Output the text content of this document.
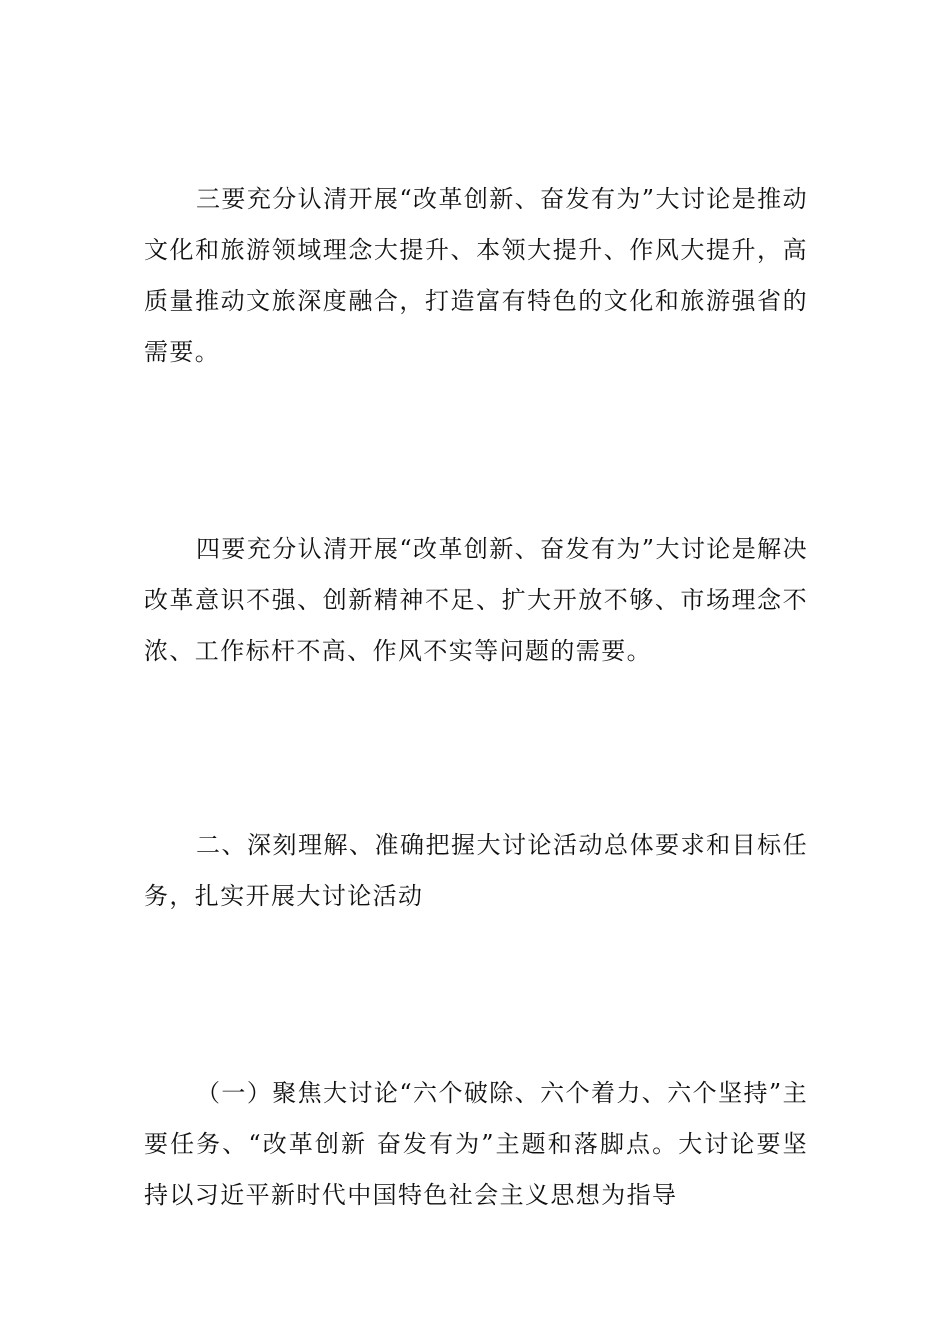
三要充分认清开展“改革创新、奋发有为”大讨论是推动文化和旅游领域理念大提升、本领大提升、作风大提升，高质量推动文旅深度融合，打造富有特色的文化和旅游强省的需要。

四要充分认清开展“改革创新、奋发有为”大讨论是解决改革意识不强、创新精神不足、扩大开放不够、市场理念不浓、工作标杆不高、作风不实等问题的需要。

二、深刻理解、准确把握大讨论活动总体要求和目标任务，扎实开展大讨论活动

（一）聚焦大讨论“六个破除、六个着力、六个坚持”主要任务、“改革创新 奋发有为”主题和落脚点。大讨论要坚持以习近平新时代中国特色社会主义思想为指导
